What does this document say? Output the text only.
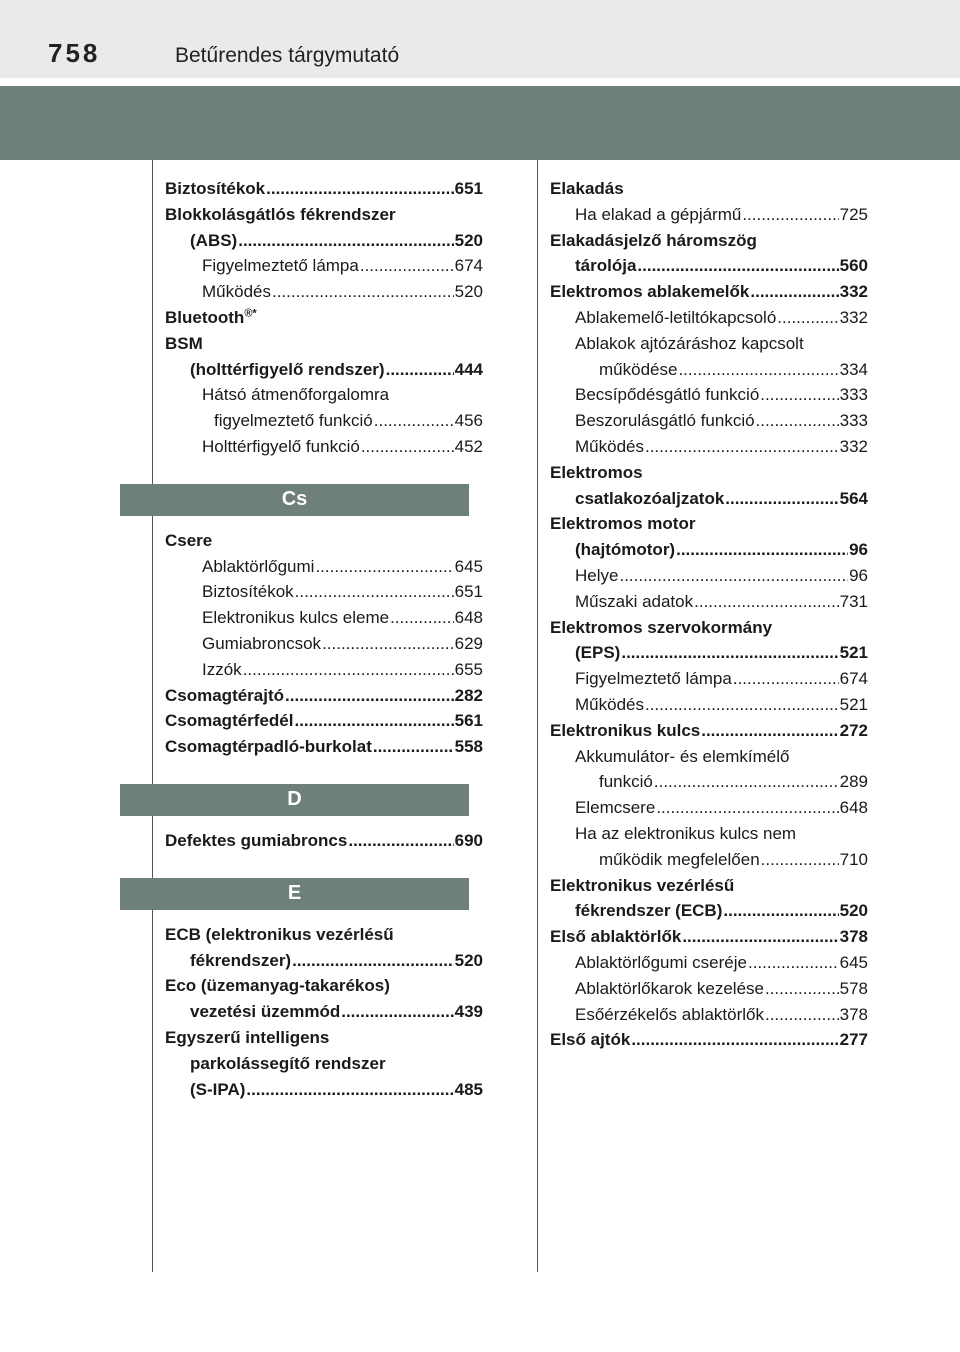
758	Betűrendes tárgymutató
Biztosítékok .....	651
Blokkolásgátlós fékrendszer
(ABS) .....	520
Figyelmeztető lámpa .....	674
Működés .....	520
Bluetooth®*
BSM
(holttérfigyelő rendszer) .....	444
Hátsó átmenőforgalomra
figyelmeztető funkció .....	456
Holttérfigyelő funkció .....	452
Cs
Csere
Ablaktörlőgumi .....	645
Biztosítékok .....	651
Elektronikus kulcs eleme .....	648
Gumiabroncsok .....	629
Izzók .....	655
Csomagtérajtó .....	282
Csomagtérfedél .....	561
Csomagtérpadló-burkolat .....	558
D
Defektes gumiabroncs .....	690
E
ECB (elektronikus vezérlésű
fékrendszer) .....	520
Eco (üzemanyag-takarékos)
vezetési üzemmód .....	439
Egyszerű intelligens
parkolássegítő rendszer
(S-IPA) .....	485
Elakadás
Ha elakad a gépjármű .....	725
Elakadásjelző háromszög
tárolója .....	560
Elektromos ablakemelők .....	332
Ablakemelő-letiltókapcsoló .....	332
Ablakok ajtózáráshoz kapcsolt
működése .....	334
Becsípődésgátló funkció .....	333
Beszorulásgátló funkció .....	333
Működés .....	332
Elektromos
csatlakozóaljzatok .....	564
Elektromos motor
(hajtómotor) .....	96
Helye .....	96
Műszaki adatok .....	731
Elektromos szervokormány
(EPS) .....	521
Figyelmeztető lámpa .....	674
Működés .....	521
Elektronikus kulcs .....	272
Akkumulátor- és elemkímélő
funkció .....	289
Elemcsere .....	648
Ha az elektronikus kulcs nem
működik megfelelően .....	710
Elektronikus vezérlésű
fékrendszer (ECB) .....	520
Első ablaktörlők .....	378
Ablaktörlőgumi cseréje .....	645
Ablaktörlőkarok kezelése .....	578
Esőérzékelős ablaktörlők .....	378
Első ajtók .....	277
